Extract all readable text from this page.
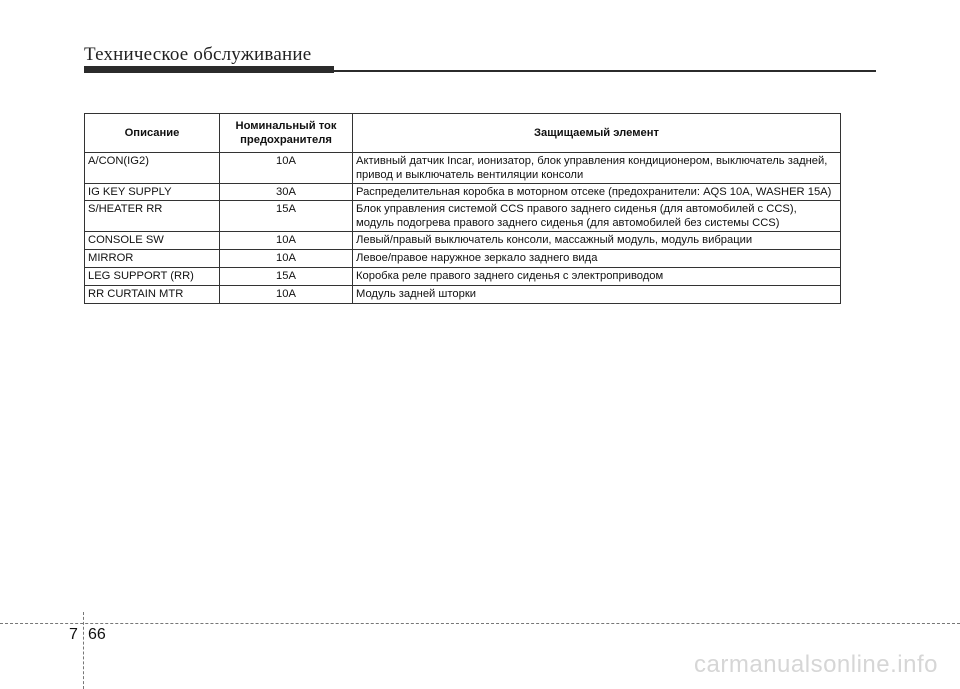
Техническое обслуживание
Описание	Номинальный ток предохранителя	Защищаемый элемент
A/CON(IG2)	10A	Активный датчик Incar, ионизатор, блок управления кондиционером, выключатель задней, привод и выключатель вентиляции консоли
IG KEY SUPPLY	30A	Распределительная коробка в моторном отсеке (предохранители: AQS 10A, WASHER 15A)
S/HEATER RR	15A	Блок управления системой CCS правого заднего сиденья (для автомобилей с CCS), модуль подогрева правого заднего сиденья (для автомобилей без системы CCS)
CONSOLE SW	10A	Левый/правый выключатель консоли, массажный модуль, модуль вибрации
MIRROR	10A	Левое/правое наружное зеркало заднего вида
LEG SUPPORT (RR)	15A	Коробка реле правого заднего сиденья с электроприводом
RR CURTAIN MTR	10A	Модуль задней шторки
7 66
carmanualsonline.info
